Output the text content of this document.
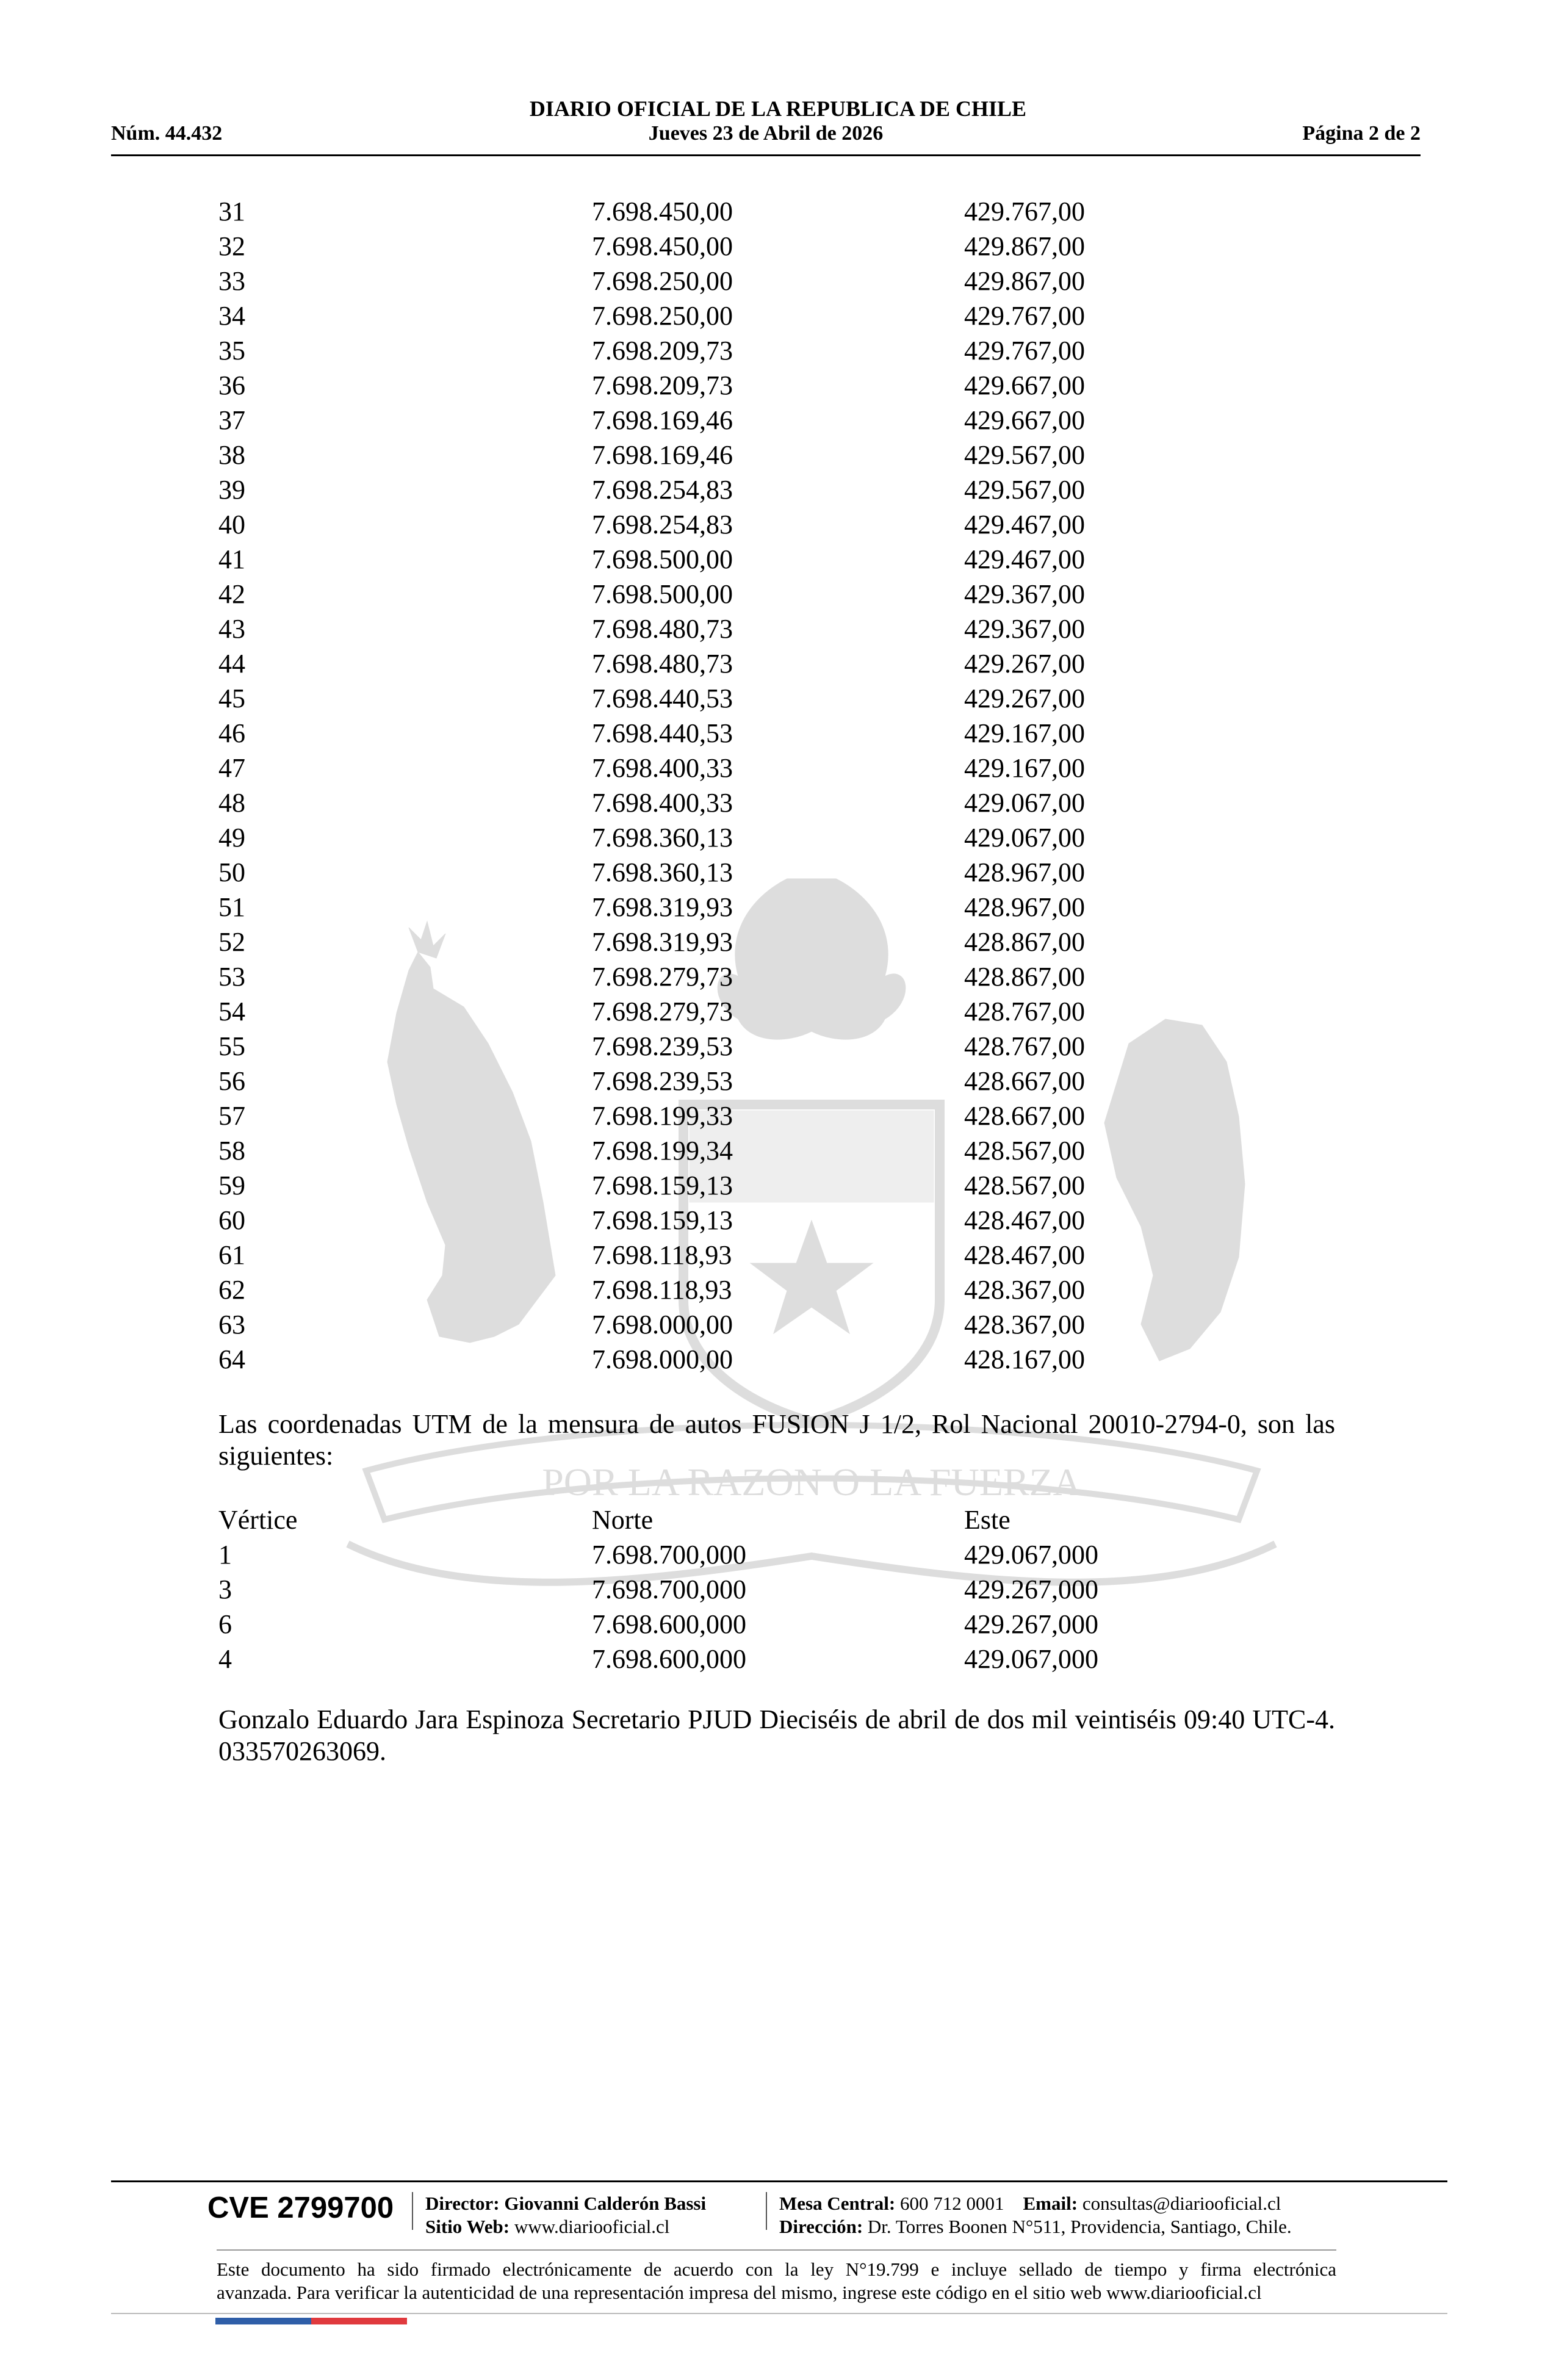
DIARIO OFICIAL DE LA REPUBLICA DE CHILE
Núm. 44.432	Jueves 23 de Abril de 2026	Página 2 de 2
POR LA RAZON O LA FUERZA
31	7.698.450,00	429.767,00
32	7.698.450,00	429.867,00
33	7.698.250,00	429.867,00
34	7.698.250,00	429.767,00
35	7.698.209,73	429.767,00
36	7.698.209,73	429.667,00
37	7.698.169,46	429.667,00
38	7.698.169,46	429.567,00
39	7.698.254,83	429.567,00
40	7.698.254,83	429.467,00
41	7.698.500,00	429.467,00
42	7.698.500,00	429.367,00
43	7.698.480,73	429.367,00
44	7.698.480,73	429.267,00
45	7.698.440,53	429.267,00
46	7.698.440,53	429.167,00
47	7.698.400,33	429.167,00
48	7.698.400,33	429.067,00
49	7.698.360,13	429.067,00
50	7.698.360,13	428.967,00
51	7.698.319,93	428.967,00
52	7.698.319,93	428.867,00
53	7.698.279,73	428.867,00
54	7.698.279,73	428.767,00
55	7.698.239,53	428.767,00
56	7.698.239,53	428.667,00
57	7.698.199,33	428.667,00
58	7.698.199,34	428.567,00
59	7.698.159,13	428.567,00
60	7.698.159,13	428.467,00
61	7.698.118,93	428.467,00
62	7.698.118,93	428.367,00
63	7.698.000,00	428.367,00
64	7.698.000,00	428.167,00
Las coordenadas UTM de la mensura de autos FUSION J 1/2, Rol Nacional 20010-2794-0, son las siguientes:
Vértice	Norte	Este
1	7.698.700,000	429.067,000
3	7.698.700,000	429.267,000
6	7.698.600,000	429.267,000
4	7.698.600,000	429.067,000
Gonzalo Eduardo Jara Espinoza Secretario PJUD Dieciséis de abril de dos mil veintiséis 09:40 UTC-4. 033570263069.
CVE 2799700 Director: Giovanni Calderón Bassi
Sitio Web: www.diariooficial.cl
Mesa Central: 600 712 0001 Email: consultas@diariooficial.cl
Dirección: Dr. Torres Boonen N°511, Providencia, Santiago, Chile.
Este documento ha sido firmado electrónicamente de acuerdo con la ley N°19.799 e incluye sellado de tiempo y firma electrónica
avanzada. Para verificar la autenticidad de una representación impresa del mismo, ingrese este código en el sitio web www.diariooficial.cl
